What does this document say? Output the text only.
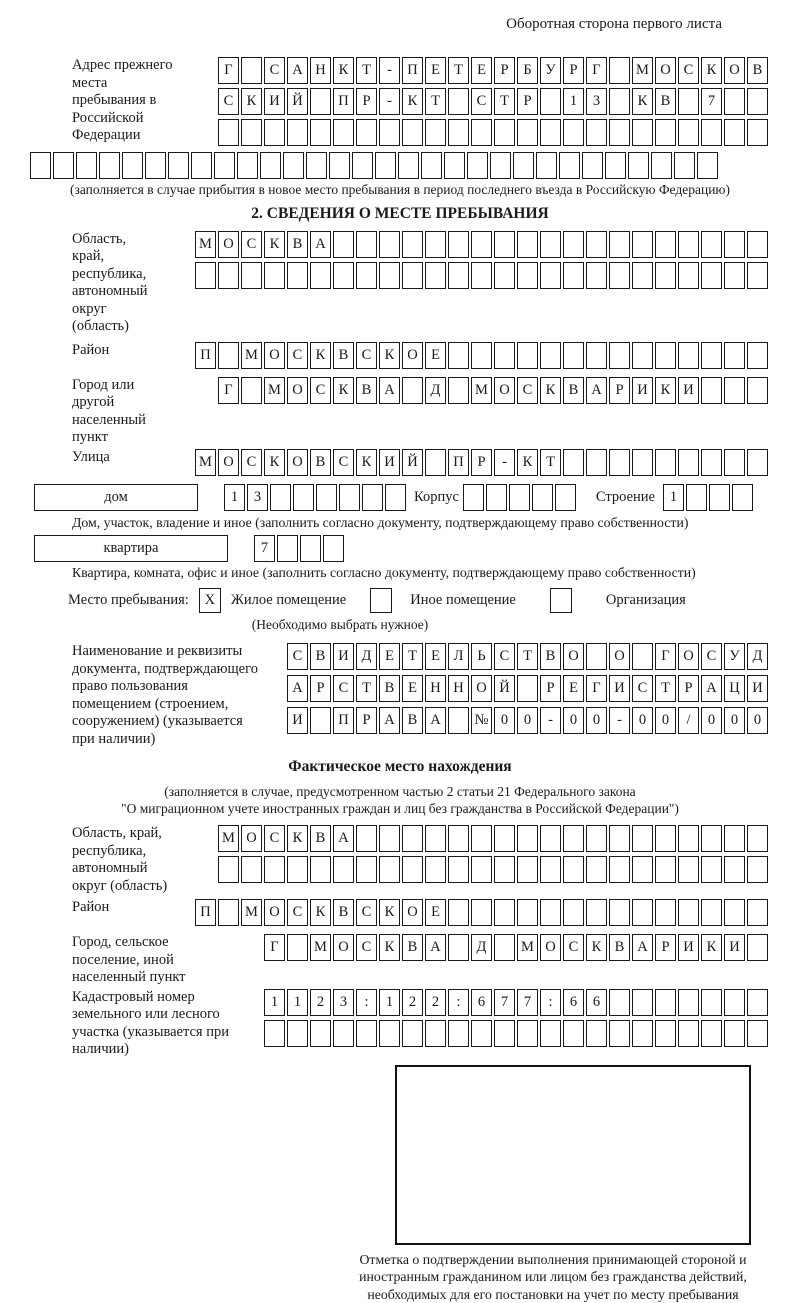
Оборотная сторона первого листа
Адрес прежнего места пребывания в Российской Федерации
Г	С А Н К Т	-	П Е Т Е	Р	Б У Р	Г	М О С К О В
С К И Й	П Р	-	К Т	С Т	Р	1	3	К В	7
(заполняется в случае прибытия в новое место пребывания в период последнего въезда в Российскую Федерацию)
2. СВЕДЕНИЯ О МЕСТЕ ПРЕБЫВАНИЯ
Область, край, республика, автономный округ (область)
М О С К В А
Район	П	М О С К В С К О Е
Город или другой населенный пункт
Г	М О С К В А	Д	М О С К В А Р И К И
Улица	М О С К О В С К И Й	П Р	-	К Т
дом	1	3	Корпус	Строение	1
Дом, участок, владение и иное (заполнить согласно документу, подтверждающему право собственности)
квартира	7
Квартира, комната, офис и иное (заполнить согласно документу, подтверждающему право собственности)
Место пребывания:	X	Жилое помещение	Иное помещение	Организация
(Необходимо выбрать нужное)
Наименование и реквизиты документа, подтверждающего право пользования помещением (строением, сооружением) (указывается при наличии)
С В И Д Е Т Е Л Ь С Т В О	О	Г О С У Д
А Р С Т В Е Н Н О Й	Р	Е Г И С Т	Р А Ц И
И	П Р А В А	№ 0	0	-	0	0	-	0	0	/	0	0	0
Фактическое место нахождения
(заполняется в случае, предусмотренном частью 2 статьи 21 Федерального закона
"О миграционном учете иностранных граждан и лиц без гражданства в Российской Федерации")
Область, край, республика, автономный округ (область)
М О С К В А
Район	П	М О С К В С К О Е
Город, сельское поселение, иной населенный пункт
Г	М О С К В А	Д	М О С К В А Р И К И
Кадастровый номер земельного или лесного участка (указывается при наличии)
1	1	2	3	:	1	2	2	:	6	7	7	:	6	6
Отметка о подтверждении выполнения принимающей стороной и иностранным гражданином или лицом без гражданства действий, необходимых для его постановки на учет по месту пребывания
